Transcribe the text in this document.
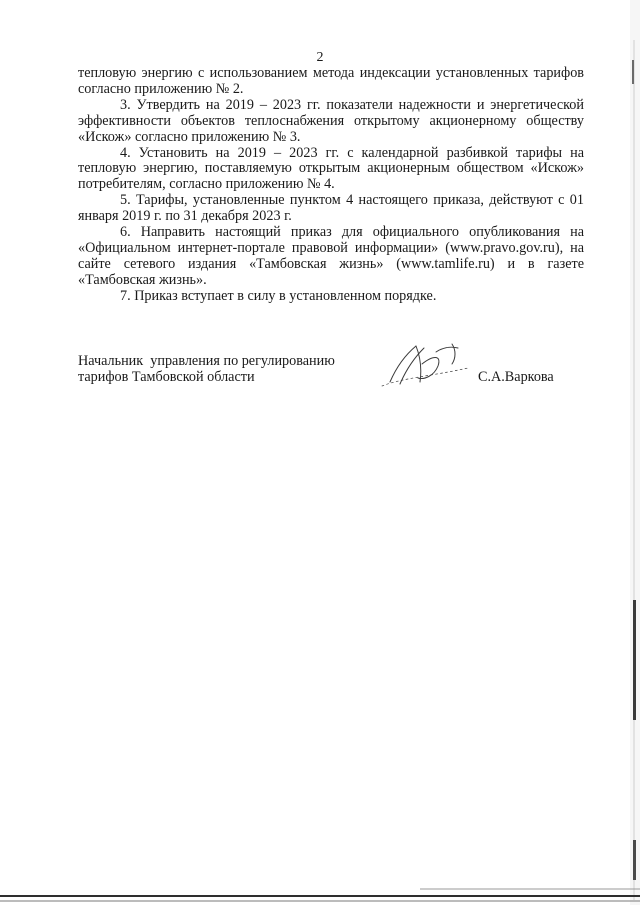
2

тепловую энергию с использованием метода индексации установленных тарифов согласно приложению № 2.

3. Утвердить на 2019 – 2023 гг. показатели надежности и энергетической эффективности объектов теплоснабжения открытому акционерному обществу «Искож» согласно приложению № 3.

4. Установить на 2019 – 2023 гг. с календарной разбивкой тарифы на тепловую энергию, поставляемую открытым акционерным обществом «Искож» потребителям, согласно приложению № 4.

5. Тарифы, установленные пунктом 4 настоящего приказа, действуют с 01 января 2019 г. по 31 декабря 2023 г.

6. Направить настоящий приказ для официального опубликования на «Официальном интернет-портале правовой информации» (www.pravo.gov.ru), на сайте сетевого издания «Тамбовская жизнь» (www.tamlife.ru) и в газете «Тамбовская жизнь».

7. Приказ вступает в силу в установленном порядке.

Начальник  управления по регулированию
тарифов Тамбовской области	С.А.Варкова
